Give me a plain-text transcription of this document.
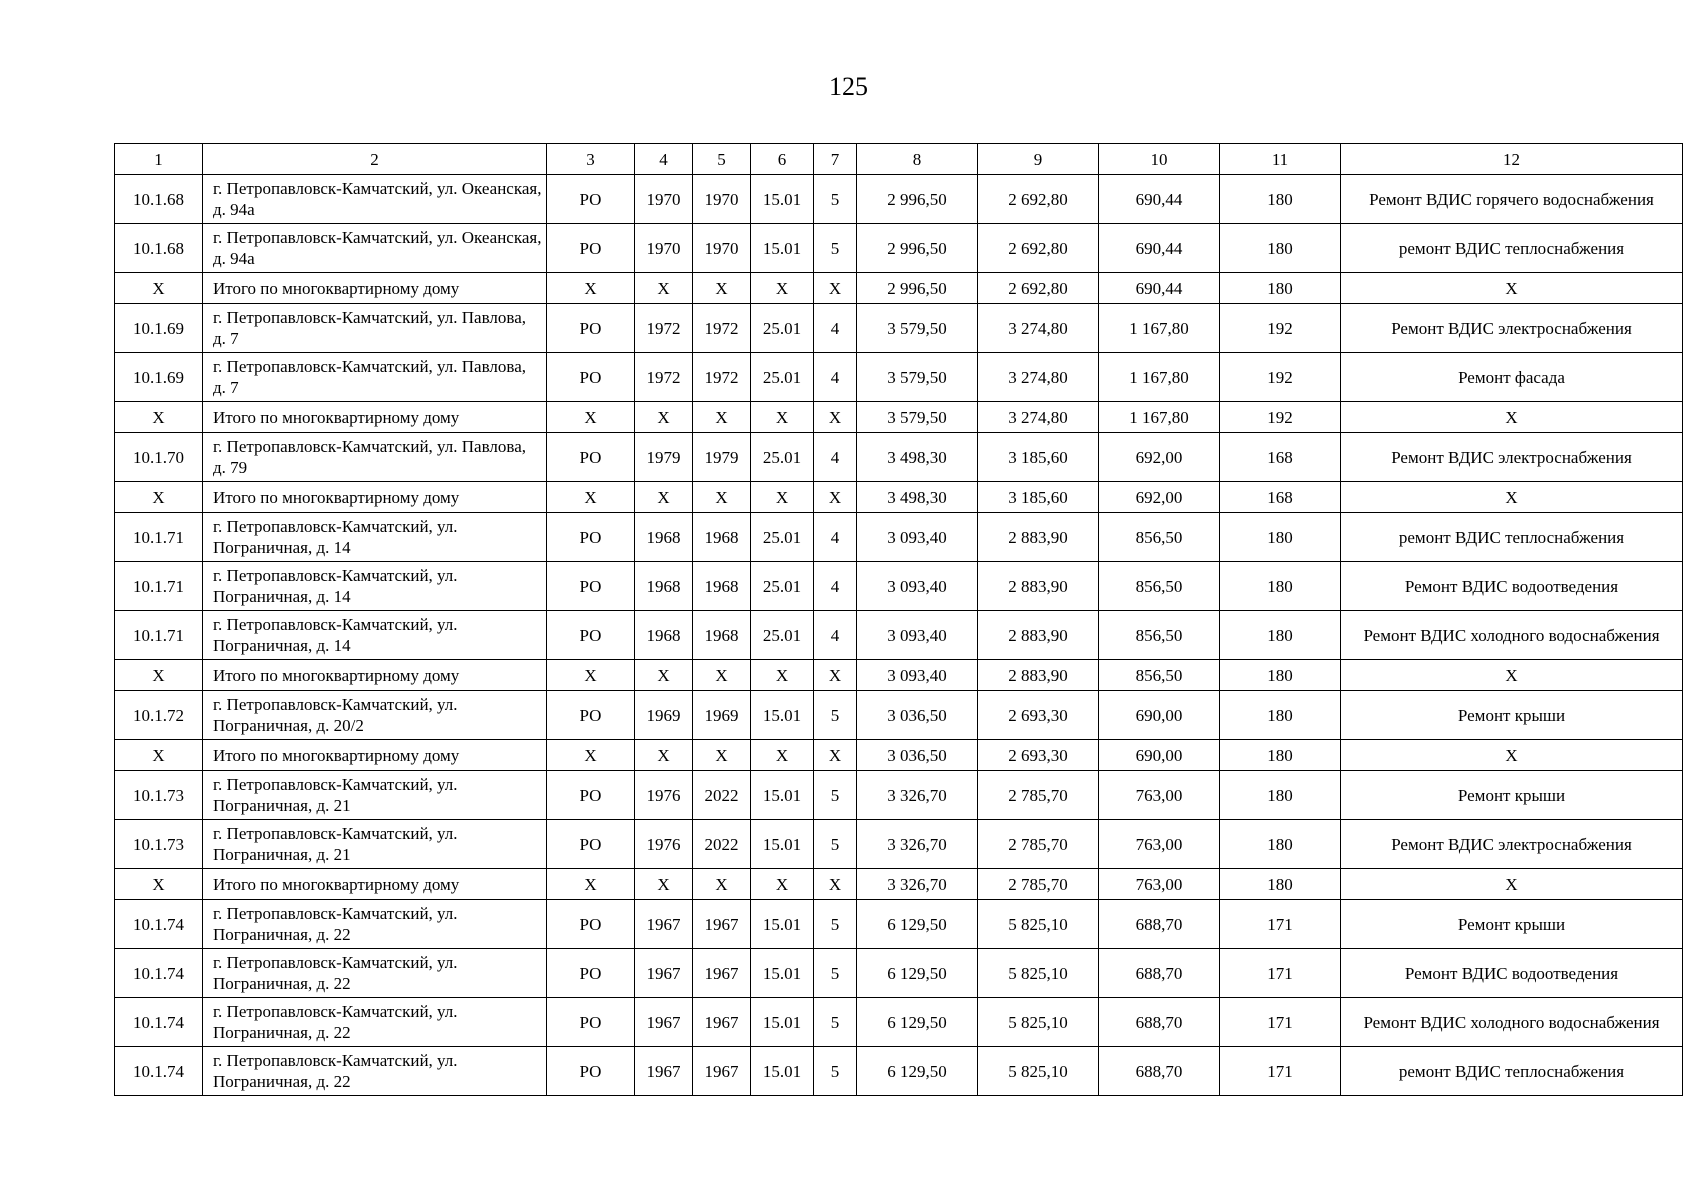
125
1	2	3	4	5	6	7	8	9	10	11	12
10.1.68	г. Петропавловск-Камчатский, ул. Океанская, д. 94а	РО	1970	1970	15.01	5	2 996,50	2 692,80	690,44	180	Ремонт ВДИС горячего водоснабжения
10.1.68	г. Петропавловск-Камчатский, ул. Океанская, д. 94а	РО	1970	1970	15.01	5	2 996,50	2 692,80	690,44	180	ремонт ВДИС теплоснабжения
X	Итого по многоквартирному дому	X	X	X	X	X	2 996,50	2 692,80	690,44	180	X
10.1.69	г. Петропавловск-Камчатский, ул. Павлова, д. 7	РО	1972	1972	25.01	4	3 579,50	3 274,80	1 167,80	192	Ремонт ВДИС электроснабжения
10.1.69	г. Петропавловск-Камчатский, ул. Павлова, д. 7	РО	1972	1972	25.01	4	3 579,50	3 274,80	1 167,80	192	Ремонт фасада
X	Итого по многоквартирному дому	X	X	X	X	X	3 579,50	3 274,80	1 167,80	192	X
10.1.70	г. Петропавловск-Камчатский, ул. Павлова, д. 79	РО	1979	1979	25.01	4	3 498,30	3 185,60	692,00	168	Ремонт ВДИС электроснабжения
X	Итого по многоквартирному дому	X	X	X	X	X	3 498,30	3 185,60	692,00	168	X
10.1.71	г. Петропавловск-Камчатский, ул. Пограничная, д. 14	РО	1968	1968	25.01	4	3 093,40	2 883,90	856,50	180	ремонт ВДИС теплоснабжения
10.1.71	г. Петропавловск-Камчатский, ул. Пограничная, д. 14	РО	1968	1968	25.01	4	3 093,40	2 883,90	856,50	180	Ремонт ВДИС водоотведения
10.1.71	г. Петропавловск-Камчатский, ул. Пограничная, д. 14	РО	1968	1968	25.01	4	3 093,40	2 883,90	856,50	180	Ремонт ВДИС холодного водоснабжения
X	Итого по многоквартирному дому	X	X	X	X	X	3 093,40	2 883,90	856,50	180	X
10.1.72	г. Петропавловск-Камчатский, ул. Пограничная, д. 20/2	РО	1969	1969	15.01	5	3 036,50	2 693,30	690,00	180	Ремонт крыши
X	Итого по многоквартирному дому	X	X	X	X	X	3 036,50	2 693,30	690,00	180	X
10.1.73	г. Петропавловск-Камчатский, ул. Пограничная, д. 21	РО	1976	2022	15.01	5	3 326,70	2 785,70	763,00	180	Ремонт крыши
10.1.73	г. Петропавловск-Камчатский, ул. Пограничная, д. 21	РО	1976	2022	15.01	5	3 326,70	2 785,70	763,00	180	Ремонт ВДИС электроснабжения
X	Итого по многоквартирному дому	X	X	X	X	X	3 326,70	2 785,70	763,00	180	X
10.1.74	г. Петропавловск-Камчатский, ул. Пограничная, д. 22	РО	1967	1967	15.01	5	6 129,50	5 825,10	688,70	171	Ремонт крыши
10.1.74	г. Петропавловск-Камчатский, ул. Пограничная, д. 22	РО	1967	1967	15.01	5	6 129,50	5 825,10	688,70	171	Ремонт ВДИС водоотведения
10.1.74	г. Петропавловск-Камчатский, ул. Пограничная, д. 22	РО	1967	1967	15.01	5	6 129,50	5 825,10	688,70	171	Ремонт ВДИС холодного водоснабжения
10.1.74	г. Петропавловск-Камчатский, ул. Пограничная, д. 22	РО	1967	1967	15.01	5	6 129,50	5 825,10	688,70	171	ремонт ВДИС теплоснабжения
